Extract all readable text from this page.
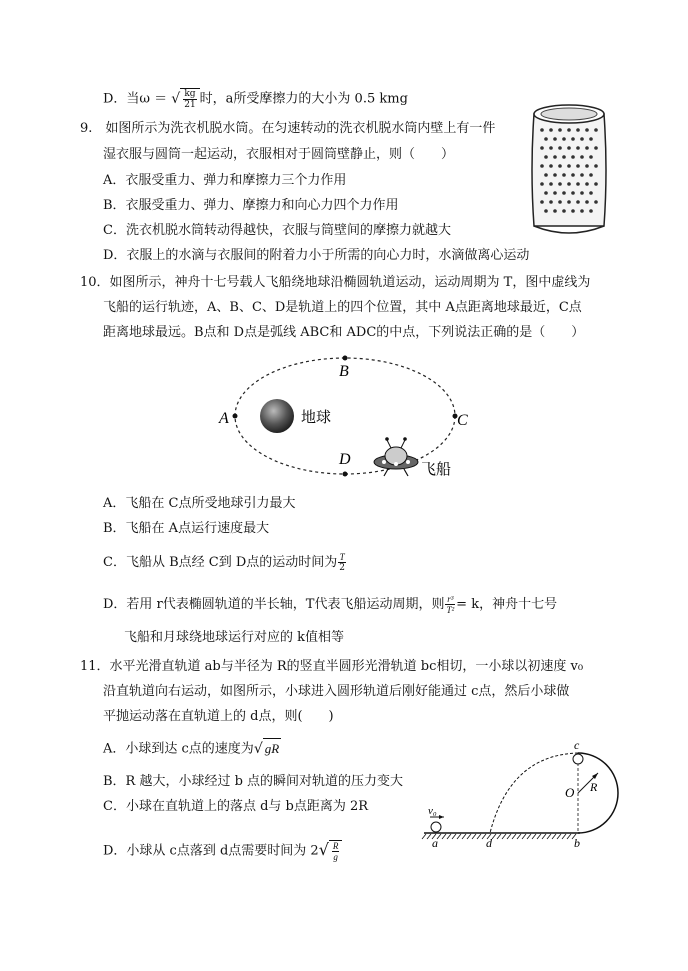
D．当ω ＝ √ $\frac{kg}{21}$ 时，a所受摩擦力的大小为 0.5 kmg
9.　如图所示为洗衣机脱水筒。在匀速转动的洗衣机脱水筒内壁上有一件
湿衣服与圆筒一起运动，衣服相对于圆筒壁静止，则（　　）
A．衣服受重力、弹力和摩擦力三个力作用
B．衣服受重力、弹力、摩擦力和向心力四个力作用
C．洗衣机脱水筒转动得越快，衣服与筒壁间的摩擦力就越大
D．衣服上的水滴与衣服间的附着力小于所需的向心力时，水滴做离心运动
10．如图所示，神舟十七号载人飞船绕地球沿椭圆轨道运动，运动周期为 T，图中虚线为
飞船的运行轨迹，A、B、C、D是轨道上的四个位置，其中 A点距离地球最近，C点
距离地球最远。B点和 D点是弧线 ABC和 ADC的中点，下列说法正确的是（　　）
A
B
C
D
地球
飞船
A．飞船在 C点所受地球引力最大
B．飞船在 A点运行速度最大
C．飞船从 B点经 C到 D点的运动时间为 $\frac{T}{2}$
D．若用 r代表椭圆轨道的半长轴，T代表飞船运动周期，则 $\frac{\text{r³}}{\text{T²}} = k$，神舟十七号
飞船和月球绕地球运行对应的 k值相等
11．水平光滑直轨道 ab与半径为 R的竖直半圆形光滑轨道 bc相切，一小球以初速度 v₀
沿直轨道向右运动，如图所示，小球进入圆形轨道后刚好能通过 c点，然后小球做
平抛运动落在直轨道上的 d点，则(　　)
A．小球到达 c点的速度为√ gR
B．R 越大，小球经过 b 点的瞬间对轨道的压力变大
C．小球在直轨道上的落点 d与 b点距离为 2R
D．小球从 c点落到 d点需要时间为 $2√ \frac{R}{g}$
c
O R
v₀
a	d	b
